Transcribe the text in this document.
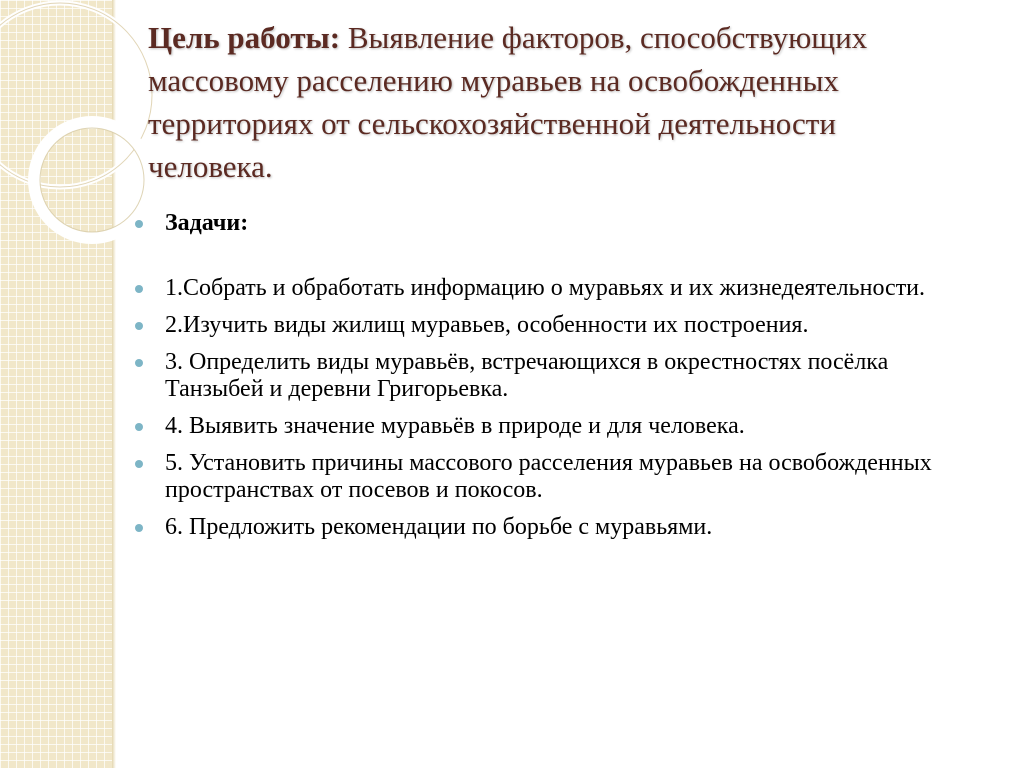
Цель работы: Выявление факторов, способствующих массовому расселению муравьев на освобожденных территориях от сельскохозяйственной деятельности человека.
Задачи:
1.Собрать и обработать информацию о муравьях и их жизнедеятельности.
2.Изучить виды жилищ муравьев, особенности их построения.
3. Определить виды муравьёв, встречающихся в окрестностях посёлка Танзыбей и деревни Григорьевка.
4. Выявить значение муравьёв в природе и для человека.
5. Установить причины массового расселения муравьев на освобожденных пространствах от посевов и покосов.
6. Предложить рекомендации по борьбе с муравьями.
